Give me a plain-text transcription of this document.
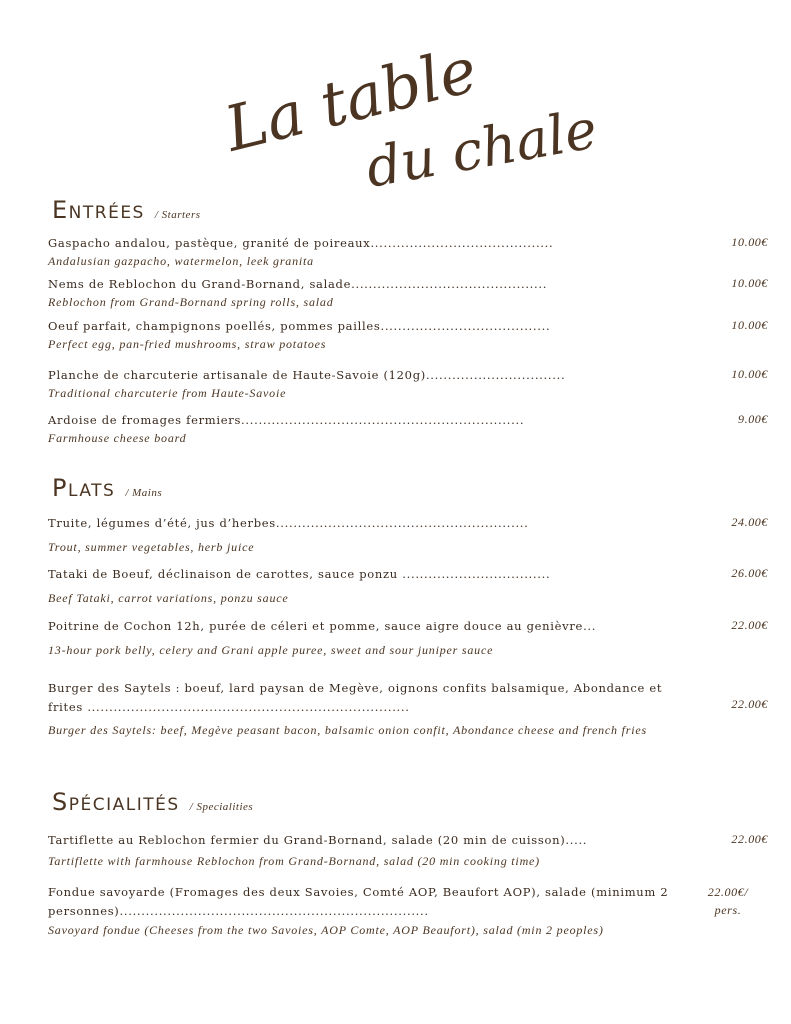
La table
du chalet
Entrées / Starters
Gaspacho andalou, pastèque, granité de poireaux..........................................
Andalusian gazpacho, watermelon, leek granita
10.00€
Nems de Reblochon du Grand-Bornand, salade.............................................
Reblochon from Grand-Bornand spring rolls, salad
10.00€
Oeuf parfait, champignons poellés, pommes pailles.......................................
Perfect egg, pan-fried mushrooms, straw potatoes
10.00€
Planche de charcuterie artisanale de Haute-Savoie (120g)................................
Traditional charcuterie from Haute-Savoie
10.00€
Ardoise de fromages fermiers.................................................................
Farmhouse cheese board
9.00€
Plats / Mains
Truite, légumes d’été, jus d’herbes..........................................................
Trout, summer vegetables, herb juice
24.00€
Tataki de Boeuf, déclinaison de carottes, sauce ponzu ..................................
Beef Tataki, carrot variations, ponzu sauce
26.00€
Poitrine de Cochon 12h, purée de céleri et pomme, sauce aigre douce au genièvre...
13-hour pork belly, celery and Grani apple puree, sweet and sour juniper sauce
22.00€
Burger des Saytels : boeuf, lard paysan de Megève, oignons confits balsamique, Abondance et frites ..........................................................................
Burger des Saytels: beef, Megève peasant bacon, balsamic onion confit, Abondance cheese and french fries
22.00€
Spécialités / Specialities
Tartiflette au Reblochon fermier du Grand-Bornand, salade (20 min de cuisson).....
Tartiflette with farmhouse Reblochon from Grand-Bornand, salad (20 min cooking time)
22.00€
Fondue savoyarde (Fromages des deux Savoies, Comté AOP, Beaufort AOP), salade (minimum 2 personnes).......................................................................
Savoyard fondue (Cheeses from the two Savoies, AOP Comte, AOP Beaufort), salad (min 2 peoples)
22.00€/ pers.
